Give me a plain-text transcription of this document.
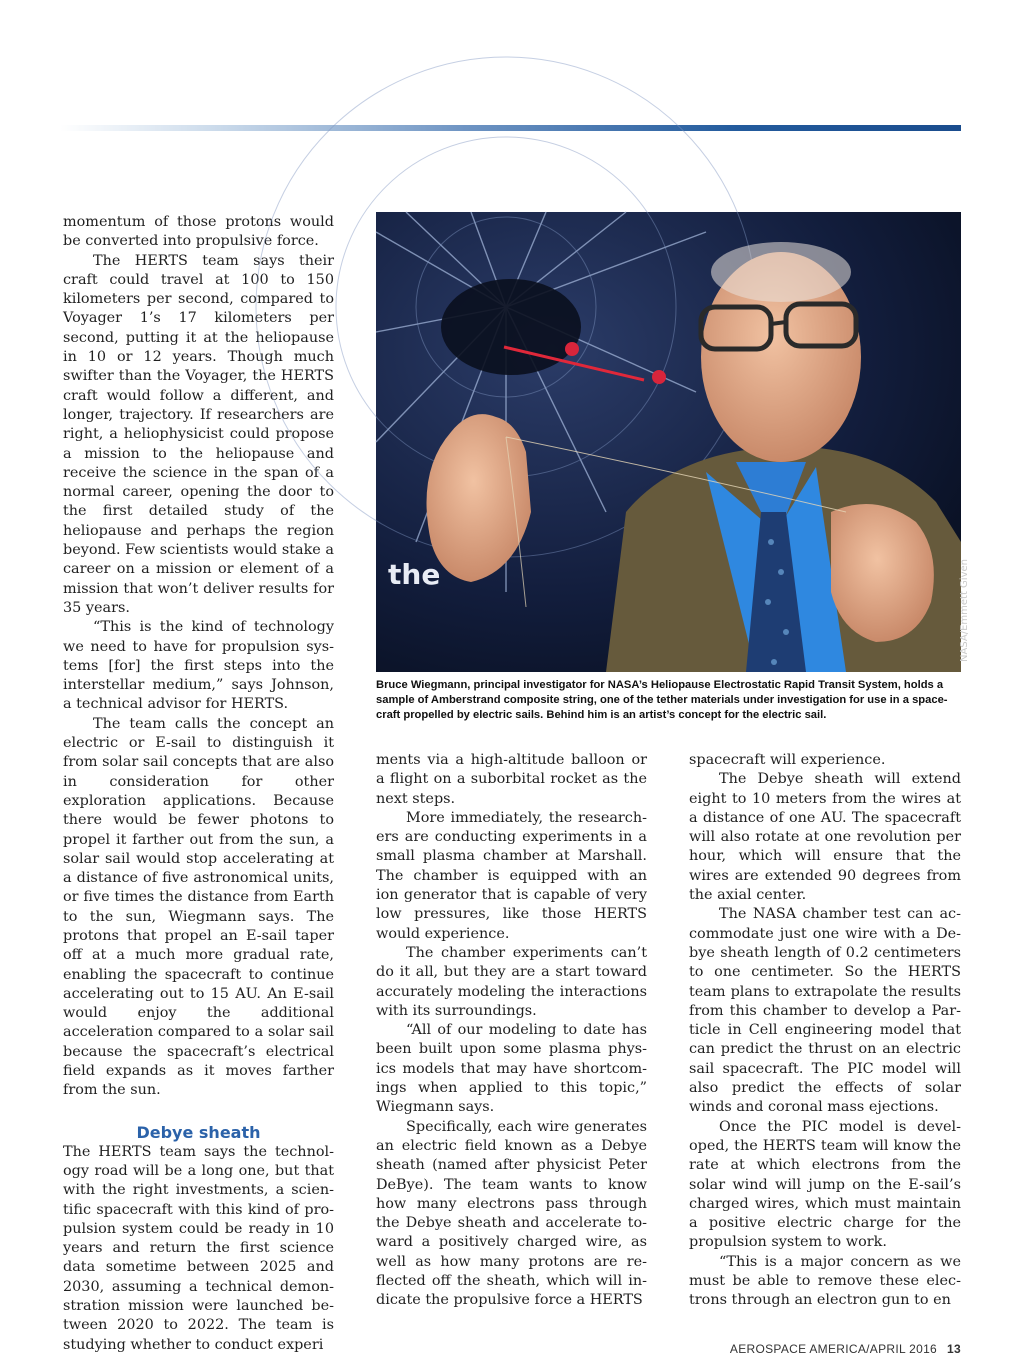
momentum of those protons would be converted into propulsive force.

The HERTS team says their craft could travel at 100 to 150 kilometers per second, compared to Voyager 1’s 17 kilometers per second, putting it at the heliopause in 10 or 12 years. Though much swifter than the Voyager, the HERTS craft would follow a different, and longer, trajectory. If researchers are right, a heliophysicist could propose a mission to the heliopause and receive the science in the span of a normal career, opening the door to the first detailed study of the heliopause and perhaps the region beyond. Few scientists would stake a career on a mission or element of a mission that won’t deliver results for 35 years.

“This is the kind of technology we need to have for propulsion systems [for] the first steps into the interstellar medium,” says Johnson, a technical advisor for HERTS.

The team calls the concept an electric or E-sail to distinguish it from solar sail concepts that are also in consideration for other exploration applications. Because there would be fewer photons to propel it farther out from the sun, a solar sail would stop accelerating at a distance of five astronomical units, or five times the distance from Earth to the sun, Wiegmann says. The protons that propel an E-sail taper off at a much more gradual rate, enabling the spacecraft to continue accelerating out to 15 AU. An E-sail would enjoy the additional acceleration compared to a solar sail because the spacecraft’s electrical field expands as it moves farther from the sun.

Debye sheath

The HERTS team says the technology road will be a long one, but that with the right investments, a scientific spacecraft with this kind of propulsion system could be ready in 10 years and return the first science data sometime between 2025 and 2030, assuming a technical demonstration mission were launched between 2020 to 2022. The team is studying whether to conduct experi

the	NASA/Emmett Given
Bruce Wiegmann, principal investigator for NASA’s Heliopause Electrostatic Rapid Transit System, holds a sample of Amberstrand composite string, one of the tether materials under investigation for use in a spacecraft propelled by electric sails. Behind him is an artist’s concept for the electric sail.

ments via a high-altitude balloon or a flight on a suborbital rocket as the next steps.

More immediately, the researchers are conducting experiments in a small plasma chamber at Marshall. The chamber is equipped with an ion generator that is capable of very low pressures, like those HERTS would experience.

The chamber experiments can’t do it all, but they are a start toward accurately modeling the interactions with its surroundings.

“All of our modeling to date has been built upon some plasma physics models that may have shortcomings when applied to this topic,” Wiegmann says.

Specifically, each wire generates an electric field known as a Debye sheath (named after physicist Peter DeBye). The team wants to know how many electrons pass through the Debye sheath and accelerate toward a positively charged wire, as well as how many protons are reflected off the sheath, which will indicate the propulsive force a HERTS

spacecraft will experience.

The Debye sheath will extend eight to 10 meters from the wires at a distance of one AU. The spacecraft will also rotate at one revolution per hour, which will ensure that the wires are extended 90 degrees from the axial center.

The NASA chamber test can accommodate just one wire with a Debye sheath length of 0.2 centimeters to one centimeter. So the HERTS team plans to extrapolate the results from this chamber to develop a Particle in Cell engineering model that can predict the thrust on an electric sail spacecraft. The PIC model will also predict the effects of solar winds and coronal mass ejections.

Once the PIC model is developed, the HERTS team will know the rate at which electrons from the solar wind will jump on the E-sail’s charged wires, which must maintain a positive electric charge for the propulsion system to work.

“This is a major concern as we must be able to remove these electrons through an electron gun to en

AEROSPACE AMERICA/APRIL 2016 13
